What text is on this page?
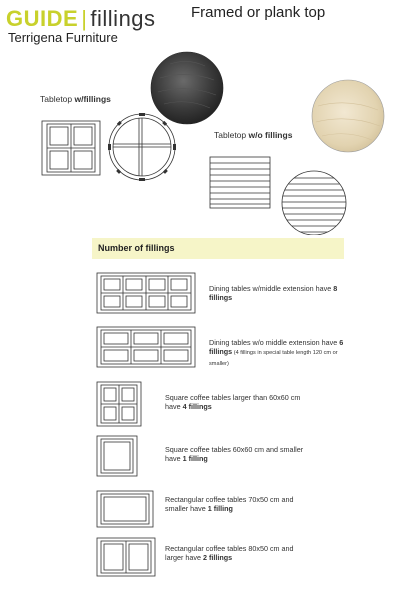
GUIDE | fillings
Terrigena Furniture
Framed or plank top
Tabletop w/fillings
Tabletop w/o fillings
Number of fillings
Dining tables w/middle extension have 8 fillings
Dining tables w/o middle extension have 6 fillings (4 fillings in special table length 120 cm or smaller)
Square coffee tables larger than 60x60 cm have 4 fillings
Square coffee tables 60x60 cm and smaller have 1 filling
Rectangular coffee tables 70x50 cm and smaller have 1 filling
Rectangular coffee tables 80x50 cm and larger have 2 fillings
